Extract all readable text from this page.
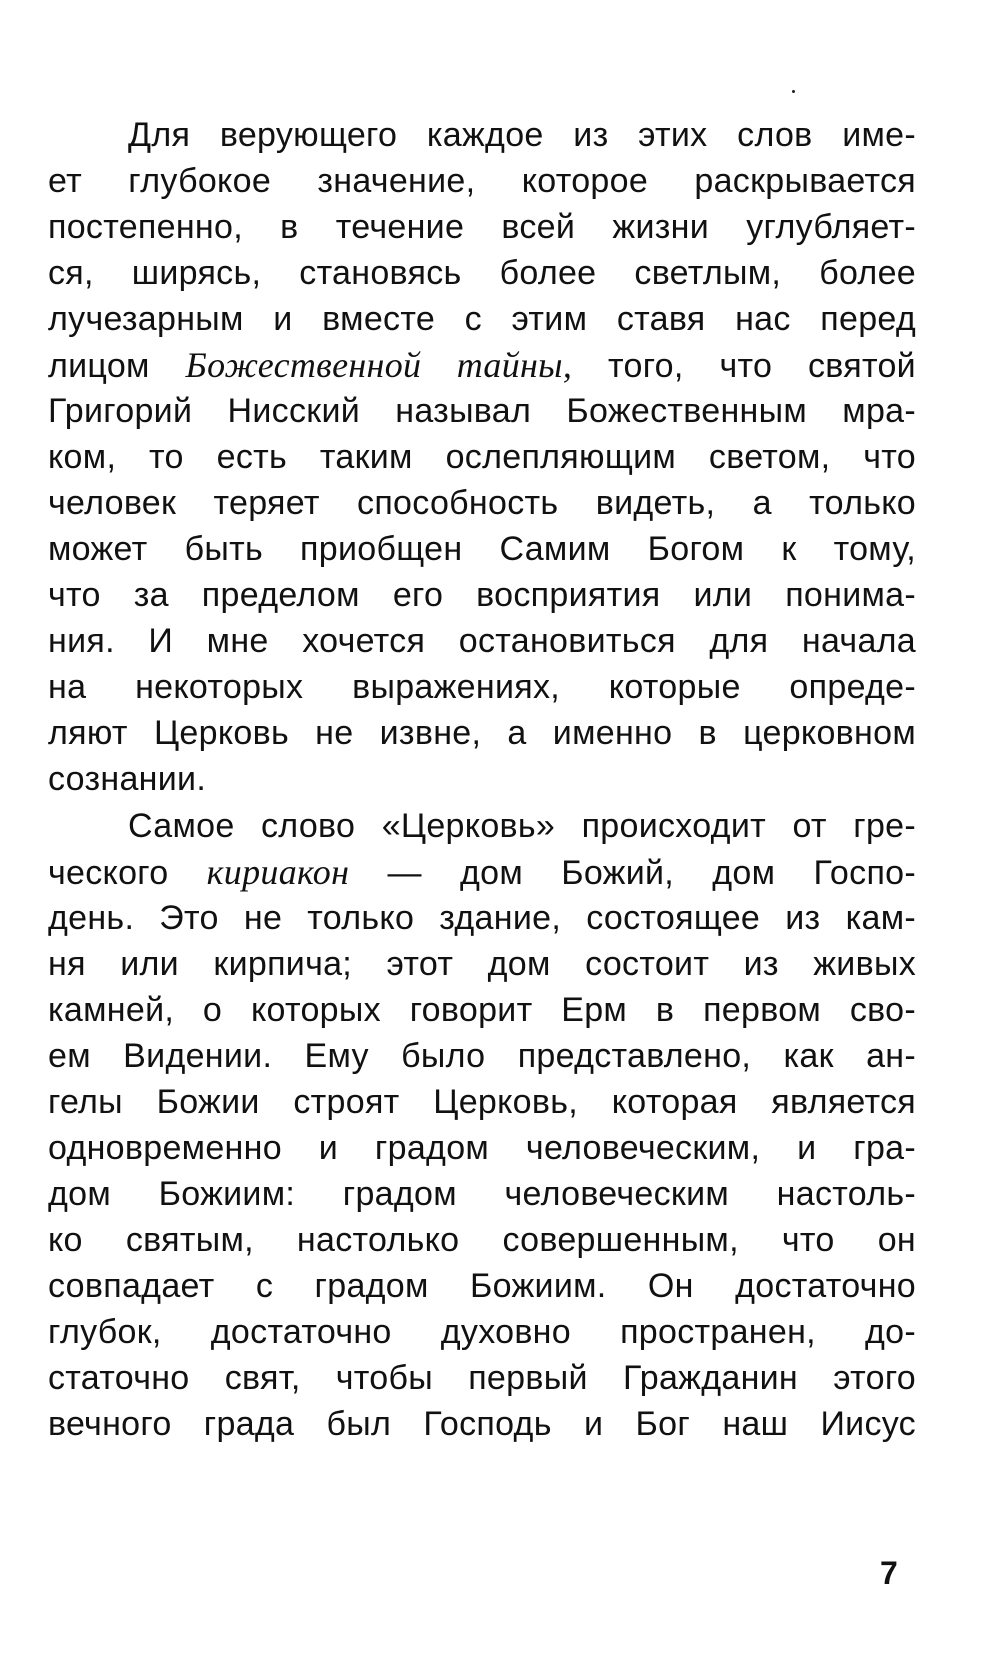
Для верующего каждое из этих слов име-
ет глубокое значение, которое раскрывается
постепенно, в течение всей жизни углубляет-
ся, ширясь, становясь более светлым, более
лучезарным и вместе с этим ставя нас перед
лицом Божественной тайны, того, что святой
Григорий Нисский называл Божественным мра-
ком, то есть таким ослепляющим светом, что
человек теряет способность видеть, а только
может быть приобщен Самим Богом к тому,
что за пределом его восприятия или понима-
ния. И мне хочется остановиться для начала
на некоторых выражениях, которые опреде-
ляют Церковь не извне, а именно в церковном
сознании.
Самое слово «Церковь» происходит от гре-
ческого кириакон — дом Божий, дом Госпо-
день. Это не только здание, состоящее из кам-
ня или кирпича; этот дом состоит из живых
камней, о которых говорит Ерм в первом сво-
ем Видении. Ему было представлено, как ан-
гелы Божии строят Церковь, которая является
одновременно и градом человеческим, и гра-
дом Божиим: градом человеческим настоль-
ко святым, настолько совершенным, что он
совпадает с градом Божиим. Он достаточно
глубок, достаточно духовно пространен, до-
статочно свят, чтобы первый Гражданин этого
вечного града был Господь и Бог наш Иисус
7
